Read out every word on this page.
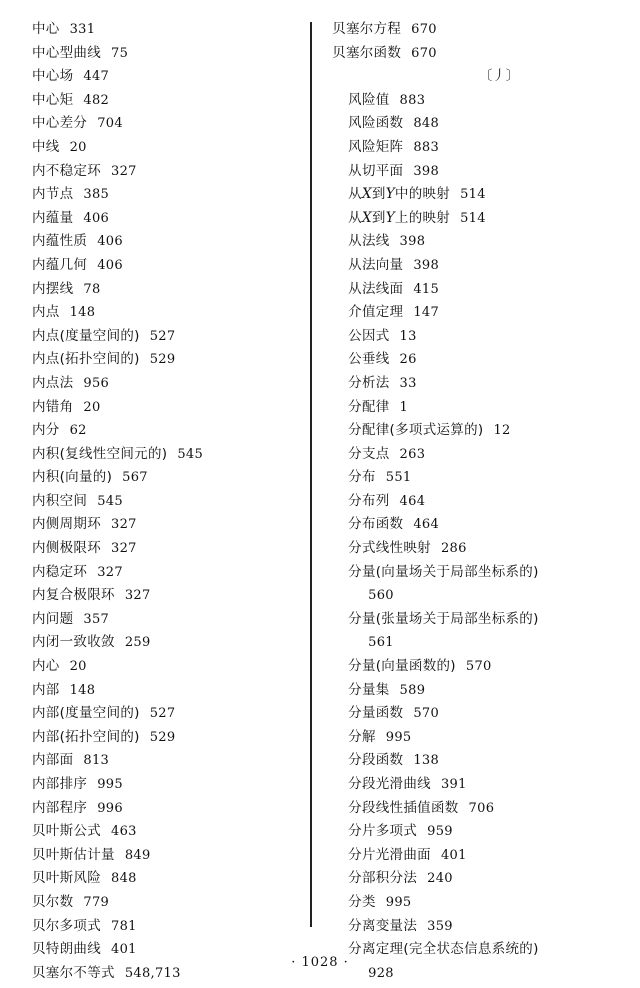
中心 331
中心型曲线 75
中心场 447
中心矩 482
中心差分 704
中线 20
内不稳定环 327
内节点 385
内蕴量 406
内蕴性质 406
内蕴几何 406
内摆线 78
内点 148
内点(度量空间的) 527
内点(拓扑空间的) 529
内点法 956
内错角 20
内分 62
内积(复线性空间元的) 545
内积(向量的) 567
内积空间 545
内侧周期环 327
内侧极限环 327
内稳定环 327
内复合极限环 327
内问题 357
内闭一致收敛 259
内心 20
内部 148
内部(度量空间的) 527
内部(拓扑空间的) 529
内部面 813
内部排序 995
内部程序 996
贝叶斯公式 463
贝叶斯估计量 849
贝叶斯风险 848
贝尔数 779
贝尔多项式 781
贝特朗曲线 401
贝塞尔不等式 548,713
贝塞尔方程 670
贝塞尔函数 670
〔丿〕
风险值 883
风险函数 848
风险矩阵 883
从切平面 398
从X到Y中的映射 514
从X到Y上的映射 514
从法线 398
从法向量 398
从法线面 415
介值定理 147
公因式 13
公垂线 26
分析法 33
分配律 1
分配律(多项式运算的) 12
分支点 263
分布 551
分布列 464
分布函数 464
分式线性映射 286
分量(向量场关于局部坐标系的)
560
分量(张量场关于局部坐标系的)
561
分量(向量函数的) 570
分量集 589
分量函数 570
分解 995
分段函数 138
分段光滑曲线 391
分段线性插值函数 706
分片多项式 959
分片光滑曲面 401
分部积分法 240
分类 995
分离变量法 359
分离定理(完全状态信息系统的)
928
· 1028 ·
